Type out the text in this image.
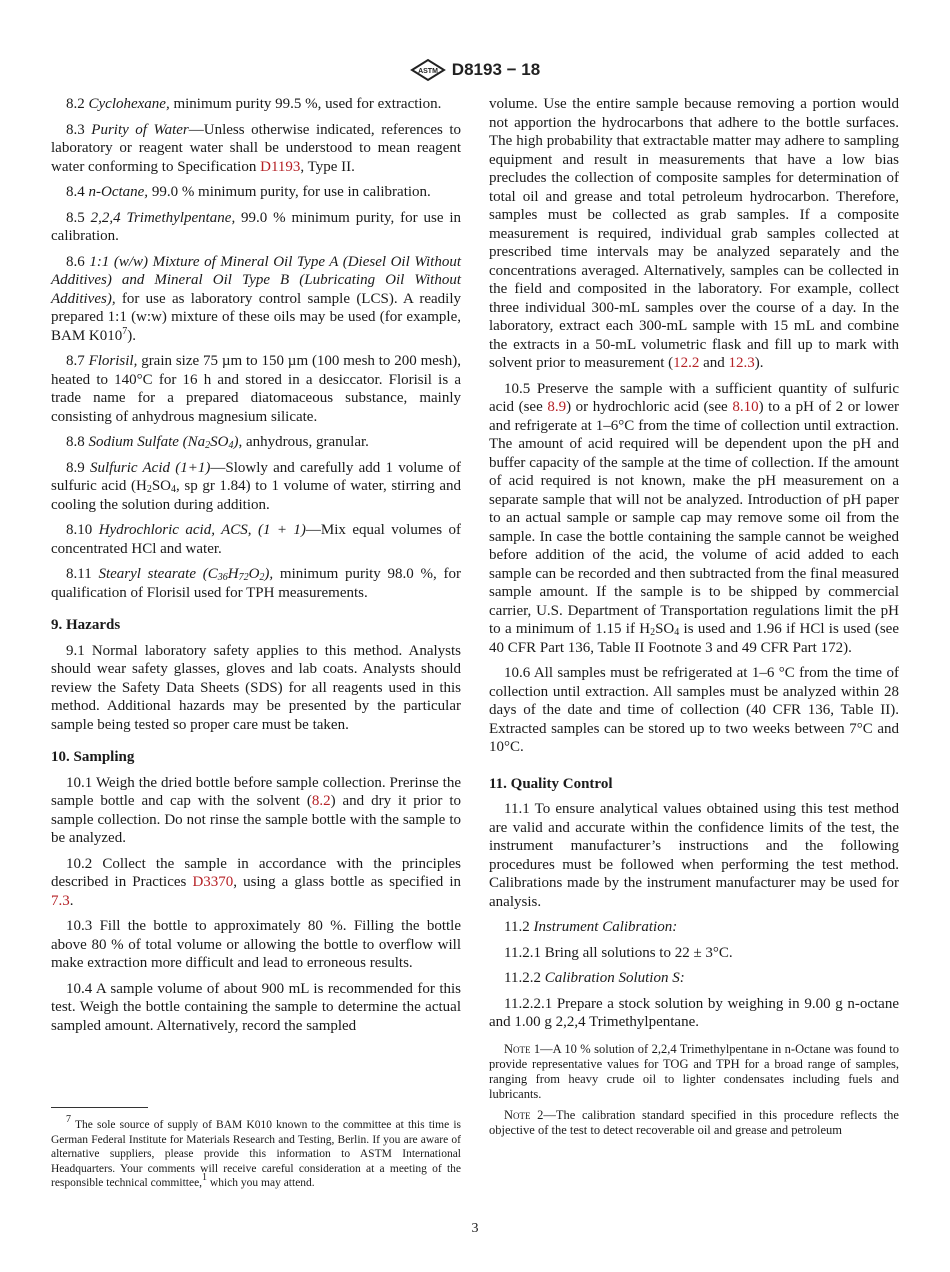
ASTM D8193 − 18

8.2 Cyclohexane, minimum purity 99.5 %, used for extraction.

8.3 Purity of Water—Unless otherwise indicated, references to laboratory or reagent water shall be understood to mean reagent water conforming to Specification D1193, Type II.

8.4 n-Octane, 99.0 % minimum purity, for use in calibration.

8.5 2,2,4 Trimethylpentane, 99.0 % minimum purity, for use in calibration.

8.6 1:1 (w/w) Mixture of Mineral Oil Type A (Diesel Oil Without Additives) and Mineral Oil Type B (Lubricating Oil Without Additives), for use as laboratory control sample (LCS). A readily prepared 1:1 (w:w) mixture of these oils may be used (for example, BAM $K010^7$).

8.7 Florisil, grain size 75 µm to 150 µm (100 mesh to 200 mesh), heated to 140°C for 16 h and stored in a desiccator. Florisil is a trade name for a prepared diatomaceous substance, mainly consisting of anhydrous magnesium silicate.

8.8 Sodium Sulfate $(Na_2SO_4)$, anhydrous, granular.

8.9 Sulfuric Acid (1+1)—Slowly and carefully add 1 volume of sulfuric acid ($H_2SO_4$, sp gr 1.84) to 1 volume of water, stirring and cooling the solution during addition.

8.10 Hydrochloric acid, ACS, (1 + 1)—Mix equal volumes of concentrated HCl and water.

8.11 Stearyl stearate $(C_{36}H_{72}O_2)$, minimum purity 98.0 %, for qualification of Florisil used for TPH measurements.

9. Hazards

9.1 Normal laboratory safety applies to this method. Analysts should wear safety glasses, gloves and lab coats. Analysts should review the Safety Data Sheets (SDS) for all reagents used in this method. Additional hazards may be presented by the particular sample being tested so proper care must be taken.

10. Sampling

10.1 Weigh the dried bottle before sample collection. Prerinse the sample bottle and cap with the solvent (8.2) and dry it prior to sample collection. Do not rinse the sample bottle with the sample to be analyzed.

10.2 Collect the sample in accordance with the principles described in Practices D3370, using a glass bottle as specified in 7.3.

10.3 Fill the bottle to approximately 80 %. Filling the bottle above 80 % of total volume or allowing the bottle to overflow will make extraction more difficult and lead to erroneous results.

10.4 A sample volume of about 900 mL is recommended for this test. Weigh the bottle containing the sample to determine the actual sampled amount. Alternatively, record the sampled

volume. Use the entire sample because removing a portion would not apportion the hydrocarbons that adhere to the bottle surfaces. The high probability that extractable matter may adhere to sampling equipment and result in measurements that have a low bias precludes the collection of composite samples for determination of total oil and grease and total petroleum hydrocarbon. Therefore, samples must be collected as grab samples. If a composite measurement is required, individual grab samples collected at prescribed time intervals may be analyzed separately and the concentrations averaged. Alternatively, samples can be collected in the field and composited in the laboratory. For example, collect three individual 300-mL samples over the course of a day. In the laboratory, extract each 300-mL sample with 15 mL and combine the extracts in a 50-mL volumetric flask and fill up to mark with solvent prior to measurement (12.2 and 12.3).

10.5 Preserve the sample with a sufficient quantity of sulfuric acid (see 8.9) or hydrochloric acid (see 8.10) to a pH of 2 or lower and refrigerate at 1–6°C from the time of collection until extraction. The amount of acid required will be dependent upon the pH and buffer capacity of the sample at the time of collection. If the amount of acid required is not known, make the pH measurement on a separate sample that will not be analyzed. Introduction of pH paper to an actual sample or sample cap may remove some oil from the sample. In case the bottle containing the sample cannot be weighed before addition of the acid, the volume of acid added to each sample can be recorded and then subtracted from the final measured sample amount. If the sample is to be shipped by commercial carrier, U.S. Department of Transportation regulations limit the pH to a minimum of 1.15 if $H_2SO_4$ is used and 1.96 if HCl is used (see 40 CFR Part 136, Table II Footnote 3 and 49 CFR Part 172).

10.6 All samples must be refrigerated at 1–6 °C from the time of collection until extraction. All samples must be analyzed within 28 days of the date and time of collection (40 CFR 136, Table II). Extracted samples can be stored up to two weeks between 7°C and 10°C.

11. Quality Control

11.1 To ensure analytical values obtained using this test method are valid and accurate within the confidence limits of the test, the instrument manufacturer’s instructions and the following procedures must be followed when performing the test method. Calibrations made by the instrument manufacturer may be used for analysis.

11.2 Instrument Calibration:

11.2.1 Bring all solutions to 22 ± 3°C.

11.2.2 Calibration Solution S:

11.2.2.1 Prepare a stock solution by weighing in 9.00 g n-octane and 1.00 g 2,2,4 Trimethylpentane.

Note 1—A 10 % solution of 2,2,4 Trimethylpentane in n-Octane was found to provide representative values for TOG and TPH for a broad range of samples, ranging from heavy crude oil to lighter condensates including fuels and lubricants.

Note 2—The calibration standard specified in this procedure reflects the objective of the test to detect recoverable oil and grease and petroleum

$^7$ The sole source of supply of BAM K010 known to the committee at this time is German Federal Institute for Materials Research and Testing, Berlin. If you are aware of alternative suppliers, please provide this information to ASTM International Headquarters. Your comments will receive careful consideration at a meeting of the responsible technical committee,$^1$ which you may attend.
3
